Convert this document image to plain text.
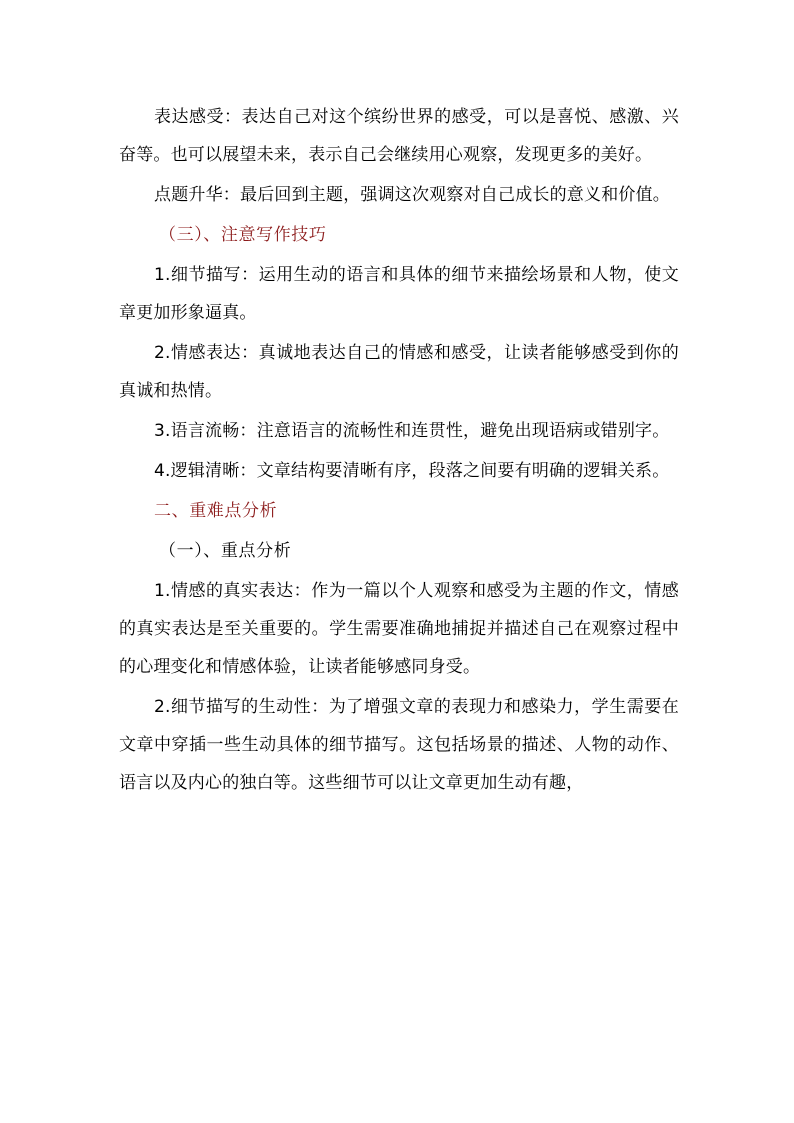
表达感受：表达自己对这个缤纷世界的感受，可以是喜悦、感激、兴奋等。也可以展望未来，表示自己会继续用心观察，发现更多的美好。

点题升华：最后回到主题，强调这次观察对自己成长的意义和价值。

（三）、注意写作技巧

1.细节描写：运用生动的语言和具体的细节来描绘场景和人物，使文章更加形象逼真。

2.情感表达：真诚地表达自己的情感和感受，让读者能够感受到你的真诚和热情。

3.语言流畅：注意语言的流畅性和连贯性，避免出现语病或错别字。

4.逻辑清晰：文章结构要清晰有序，段落之间要有明确的逻辑关系。

二、重难点分析

（一）、重点分析

1.情感的真实表达：作为一篇以个人观察和感受为主题的作文，情感的真实表达是至关重要的。学生需要准确地捕捉并描述自己在观察过程中的心理变化和情感体验，让读者能够感同身受。

2.细节描写的生动性：为了增强文章的表现力和感染力，学生需要在文章中穿插一些生动具体的细节描写。这包括场景的描述、人物的动作、语言以及内心的独白等。这些细节可以让文章更加生动有趣，
